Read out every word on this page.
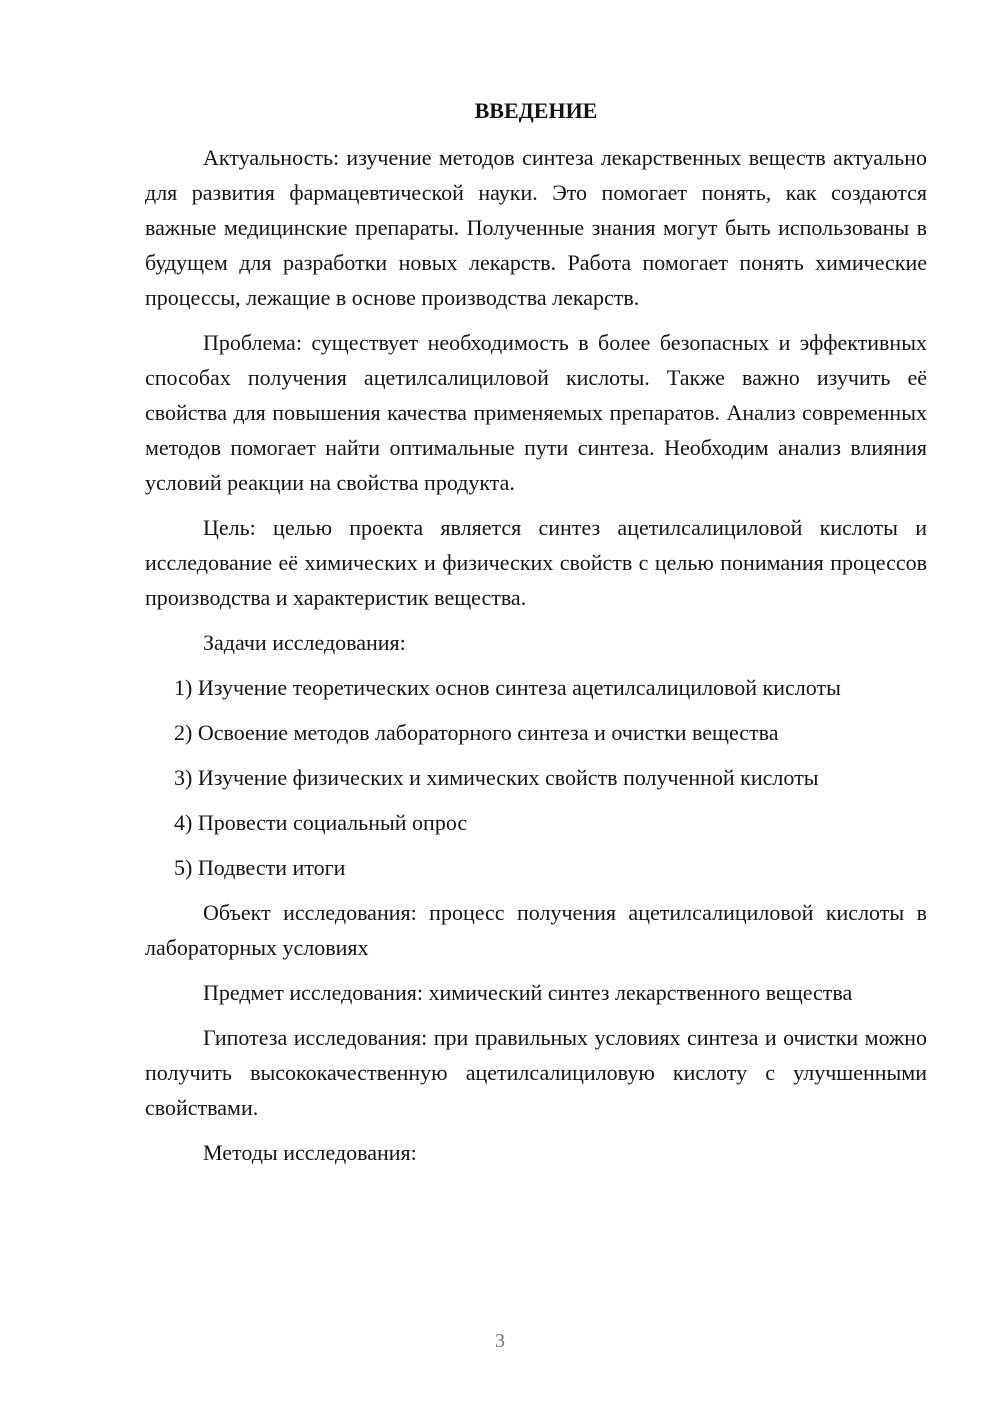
ВВЕДЕНИЕ

Актуальность: изучение методов синтеза лекарственных веществ актуально для развития фармацевтической науки. Это помогает понять, как создаются важные медицинские препараты. Полученные знания могут быть использованы в будущем для разработки новых лекарств. Работа помогает понять химические процессы, лежащие в основе производства лекарств.

Проблема: существует необходимость в более безопасных и эффективных способах получения ацетилсалициловой кислоты. Также важно изучить её свойства для повышения качества применяемых препаратов. Анализ современных методов помогает найти оптимальные пути синтеза. Необходим анализ влияния условий реакции на свойства продукта.

Цель: целью проекта является синтез ацетилсалициловой кислоты и исследование её химических и физических свойств с целью понимания процессов производства и характеристик вещества.

Задачи исследования:

1) Изучение теоретических основ синтеза ацетилсалициловой кислоты
2) Освоение методов лабораторного синтеза и очистки вещества
3) Изучение физических и химических свойств полученной кислоты
4) Провести социальный опрос
5) Подвести итоги

Объект исследования: процесс получения ацетилсалициловой кислоты в лабораторных условиях

Предмет исследования: химический синтез лекарственного вещества

Гипотеза исследования: при правильных условиях синтеза и очистки можно получить высококачественную ацетилсалициловую кислоту с улучшенными свойствами.

Методы исследования:

3
